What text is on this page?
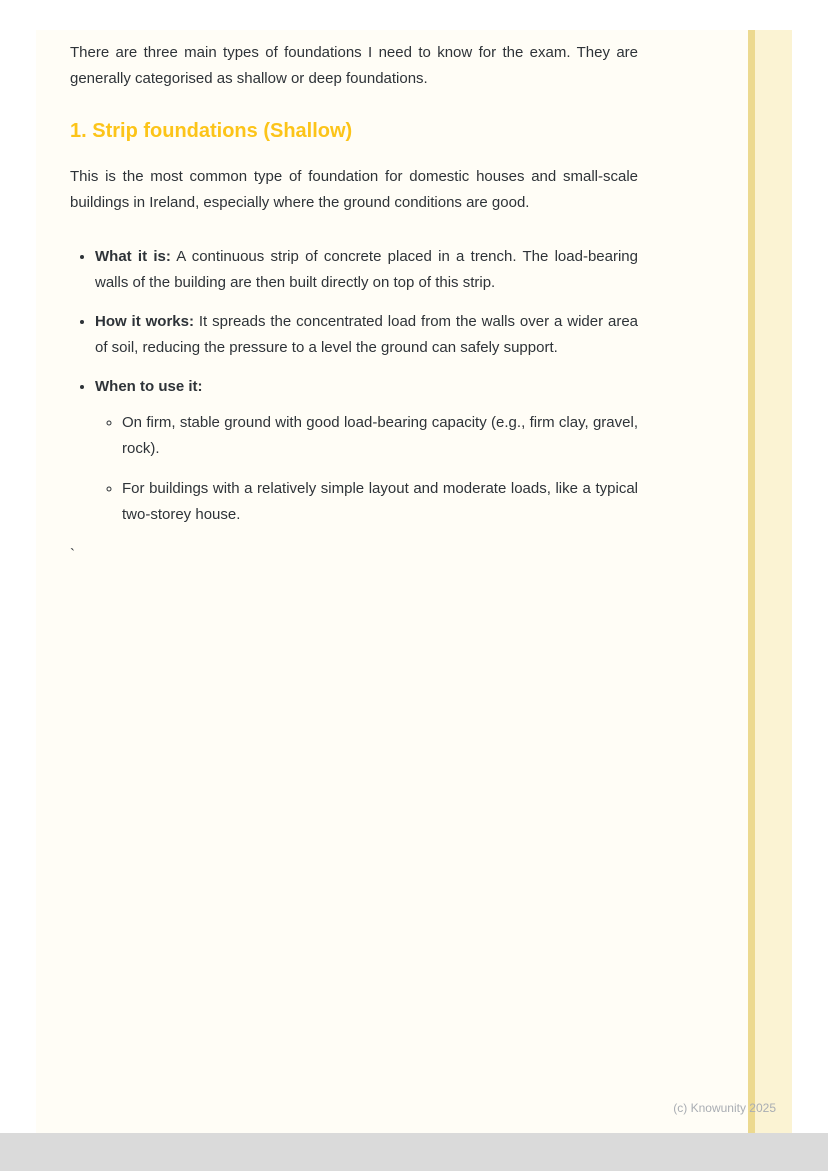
There are three main types of foundations I need to know for the exam. They are generally categorised as shallow or deep foundations.

1. Strip foundations (Shallow)

This is the most common type of foundation for domestic houses and small-scale buildings in Ireland, especially where the ground conditions are good.

• What it is: A continuous strip of concrete placed in a trench. The load-bearing walls of the building are then built directly on top of this strip.
• How it works: It spreads the concentrated load from the walls over a wider area of soil, reducing the pressure to a level the ground can safely support.
• When to use it:
◦ On firm, stable ground with good load-bearing capacity (e.g., firm clay, gravel, rock).
◦ For buildings with a relatively simple layout and moderate loads, like a typical two-storey house.
`
(c) Knowunity 2025
